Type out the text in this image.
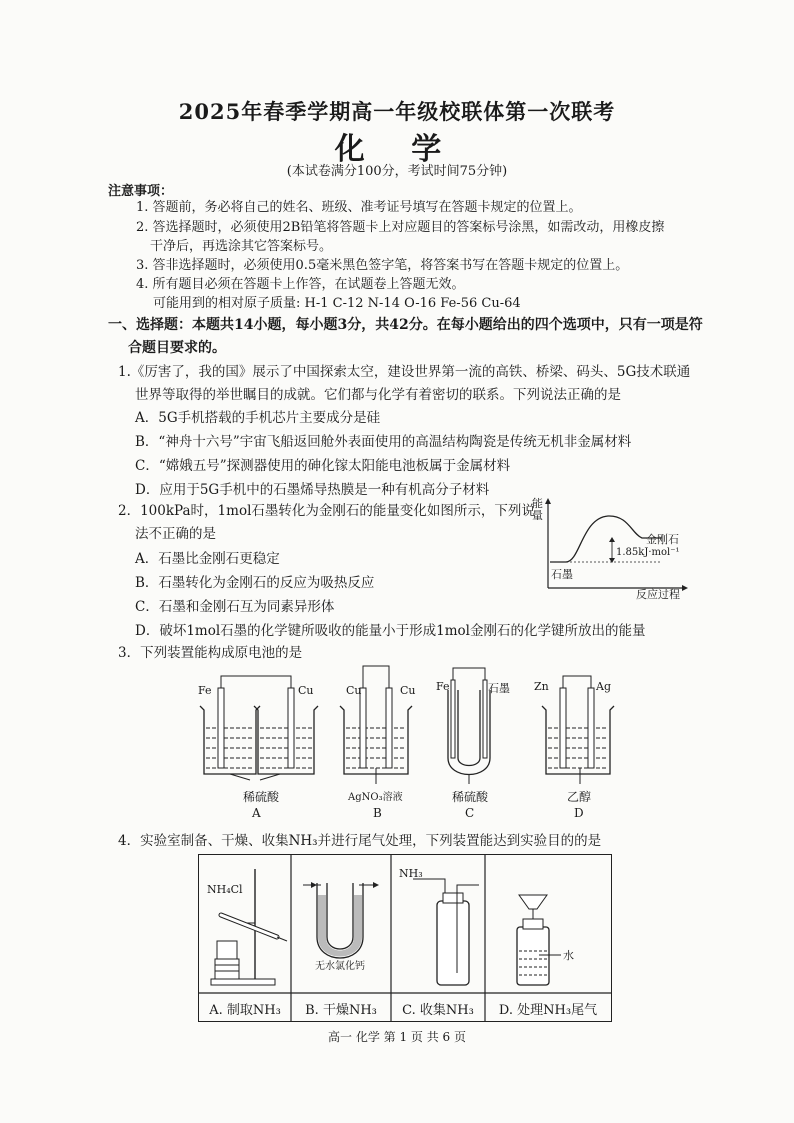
2025年春季学期高一年级校联体第一次联考
化 学
(本试卷满分100分，考试时间75分钟)
注意事项：
1. 答题前，务必将自己的姓名、班级、准考证号填写在答题卡规定的位置上。
2. 答选择题时，必须使用2B铅笔将答题卡上对应题目的答案标号涂黑，如需改动，用橡皮擦
干净后，再选涂其它答案标号。
3. 答非选择题时，必须使用0.5毫米黑色签字笔，将答案书写在答题卡规定的位置上。
4. 所有题目必须在答题卡上作答，在试题卷上答题无效。
可能用到的相对原子质量: H-1 C-12 N-14 O-16 Fe-56 Cu-64
一、选择题：本题共14小题，每小题3分，共42分。在每小题给出的四个选项中，只有一项是符
合题目要求的。
1.《厉害了，我的国》展示了中国探索太空，建设世界第一流的高铁、桥梁、码头、5G技术联通
世界等取得的举世瞩目的成就。它们都与化学有着密切的联系。下列说法正确的是
A．5G手机搭载的手机芯片主要成分是硅
B．“神舟十六号”宇宙飞船返回舱外表面使用的高温结构陶瓷是传统无机非金属材料
C．“嫦娥五号”探测器使用的砷化镓太阳能电池板属于金属材料
D．应用于5G手机中的石墨烯导热膜是一种有机高分子材料
2．100kPa时，1mol石墨转化为金刚石的能量变化如图所示，下列说
法不正确的是
A．石墨比金刚石更稳定
B．石墨转化为金刚石的反应为吸热反应
C．石墨和金刚石互为同素异形体
D．破坏1mol石墨的化学键所吸收的能量小于形成1mol金刚石的化学键所放出的能量
能量
金刚石
1.85kJ·mol⁻¹
石墨
反应过程
3．下列装置能构成原电池的是
Fe	Cu
稀硫酸
A
Cu	Cu
AgNO₃溶液
B
Fe	石墨
稀硫酸
C
Zn	Ag
乙醇
D
4．实验室制备、干燥、收集NH₃并进行尾气处理，下列装置能达到实验目的的是
NH₄Cl
无水氯化钙
NH₃
水
A. 制取NH₃	B. 干燥NH₃	C. 收集NH₃	D. 处理NH₃尾气
高一 化学 第 1 页 共 6 页
